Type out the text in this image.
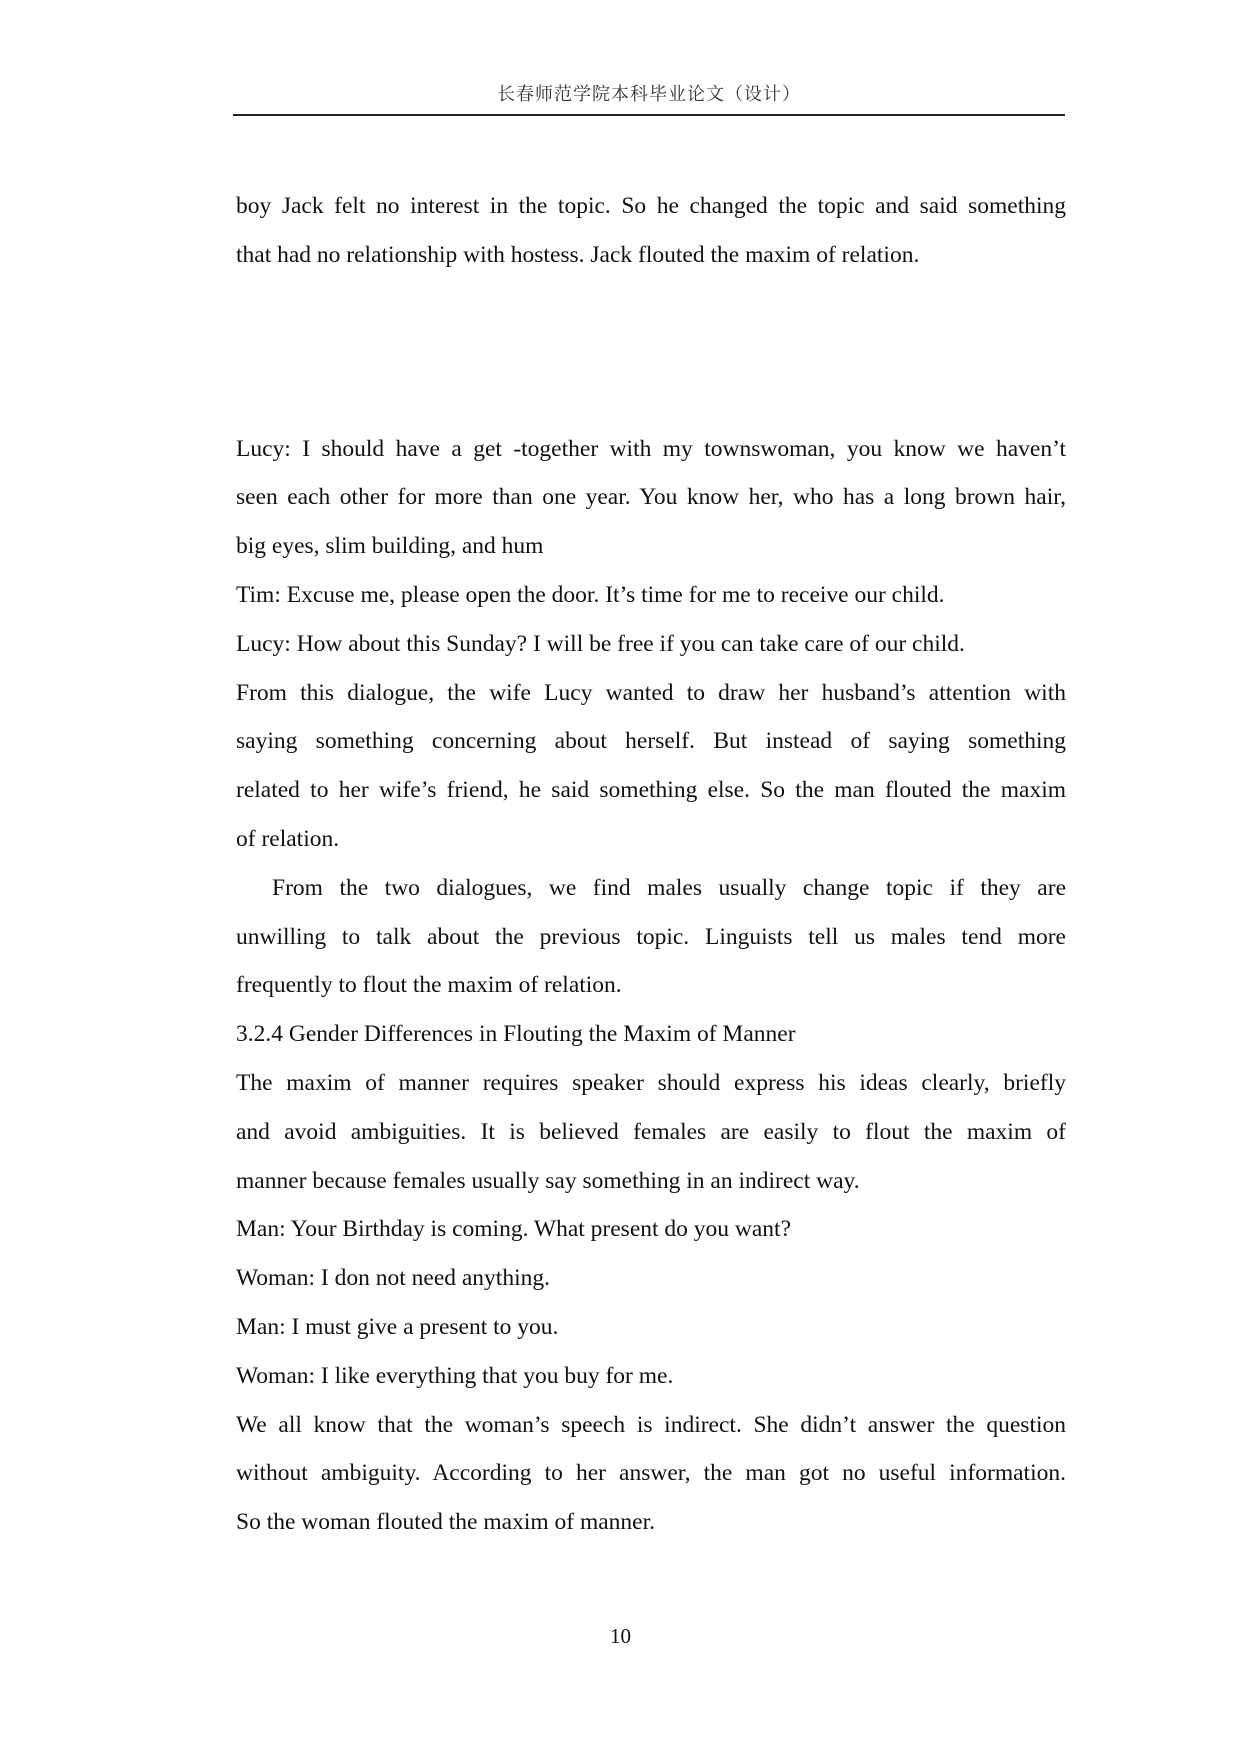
长春师范学院本科毕业论文（设计）
boy Jack felt no interest in the topic. So he changed the topic and said something
that had no relationship with hostess. Jack flouted the maxim of relation.
Lucy: I should have a get -together with my townswoman, you know we haven’t
seen each other for more than one year. You know her, who has a long brown hair,
big eyes, slim building, and hum
Tim: Excuse me, please open the door. It’s time for me to receive our child.
Lucy: How about this Sunday? I will be free if you can take care of our child.
From this dialogue, the wife Lucy wanted to draw her husband’s attention with
saying something concerning about herself. But instead of saying something
related to her wife’s friend, he said something else. So the man flouted the maxim
of relation.
From the two dialogues, we find males usually change topic if they are
unwilling to talk about the previous topic. Linguists tell us males tend more
frequently to flout the maxim of relation.
3.2.4 Gender Differences in Flouting the Maxim of Manner
The maxim of manner requires speaker should express his ideas clearly, briefly
and avoid ambiguities. It is believed females are easily to flout the maxim of
manner because females usually say something in an indirect way.
Man: Your Birthday is coming. What present do you want?
Woman: I don not need anything.
Man: I must give a present to you.
Woman: I like everything that you buy for me.
We all know that the woman’s speech is indirect. She didn’t answer the question
without ambiguity. According to her answer, the man got no useful information.
So the woman flouted the maxim of manner.
10
